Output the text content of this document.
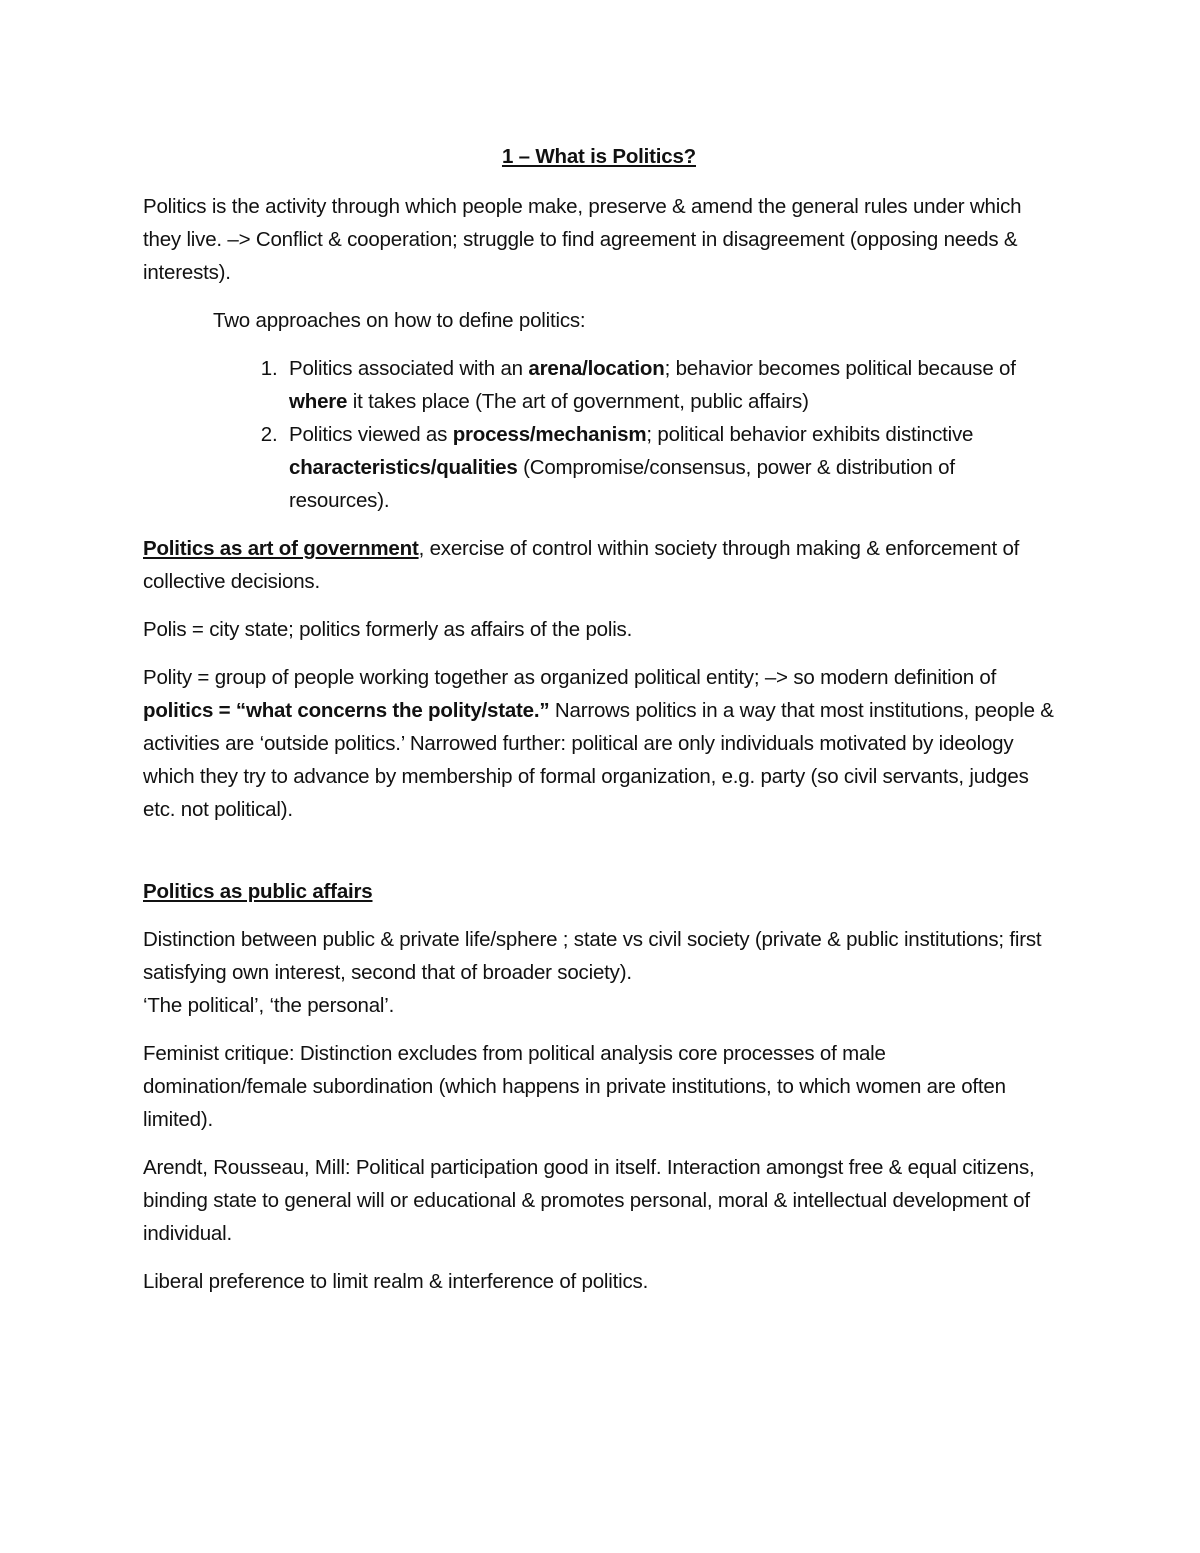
1 – What is Politics?

Politics is the activity through which people make, preserve & amend the general rules under which they live. –> Conflict & cooperation; struggle to find agreement in disagreement (opposing needs & interests).

Two approaches on how to define politics:

1. Politics associated with an arena/location; behavior becomes political because of where it takes place (The art of government, public affairs)
2. Politics viewed as process/mechanism; political behavior exhibits distinctive characteristics/qualities (Compromise/consensus, power & distribution of resources).

Politics as art of government, exercise of control within society through making & enforcement of collective decisions.

Polis = city state; politics formerly as affairs of the polis.

Polity = group of people working together as organized political entity; –> so modern definition of politics = “what concerns the polity/state.” Narrows politics in a way that most institutions, people & activities are ‘outside politics.’ Narrowed further: political are only individuals motivated by ideology which they try to advance by membership of formal organization, e.g. party (so civil servants, judges etc. not political).

Politics as public affairs

Distinction between public & private life/sphere ; state vs civil society (private & public institutions; first satisfying own interest, second that of broader society).
‘The political’, ‘the personal’.

Feminist critique: Distinction excludes from political analysis core processes of male domination/female subordination (which happens in private institutions, to which women are often limited).

Arendt, Rousseau, Mill: Political participation good in itself. Interaction amongst free & equal citizens, binding state to general will or educational & promotes personal, moral & intellectual development of individual.

Liberal preference to limit realm & interference of politics.
